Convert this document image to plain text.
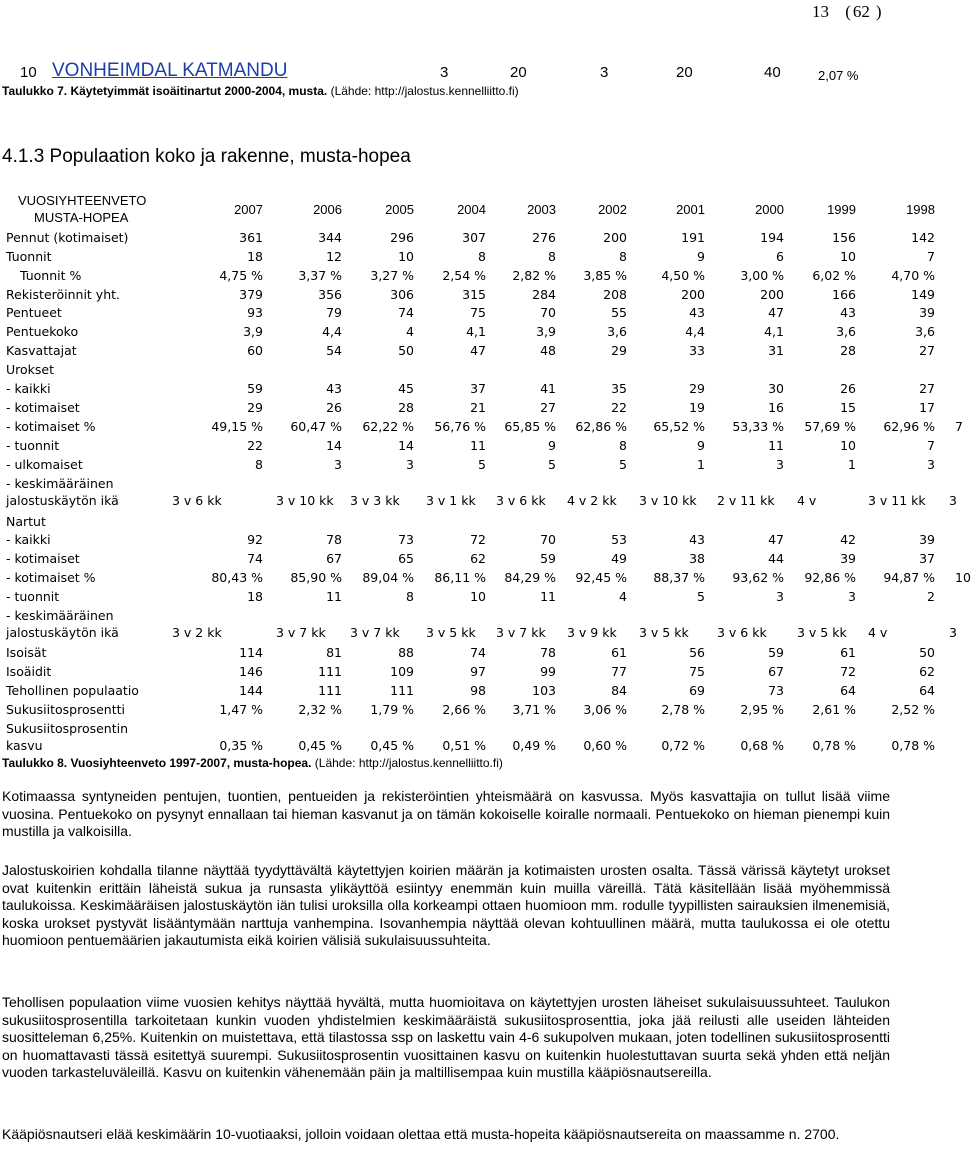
13 ( 62 )
10 VONHEIMDAL KATMANDU	3	20	3	20	40	2,07 %
Taulukko 7. Käytetyimmät isoäitinartut 2000-2004, musta. (Lähde: http://jalostus.kennelliitto.fi)
4.1.3 Populaation koko ja rakenne, musta-hopea
VUOSIYHTEENVETO
MUSTA-HOPEA
2007	2006	2005	2004	2003	2002	2001	2000	1999	1998
Pennut (kotimaiset)	361	344	296	307	276	200	191	194	156	142
Tuonnit	18	12	10	8	8	8	9	6	10	7
Tuonnit %	4,75 %	3,37 % 3,27 % 2,54 % 2,82 % 3,85 %	4,50 %	3,00 % 6,02 %	4,70 %
Rekisteröinnit yht.	379	356	306	315	284	208	200	200	166	149
Pentueet	93	79	74	75	70	55	43	47	43	39
Pentuekoko	3,9	4,4	4	4,1	3,9	3,6	4,4	4,1	3,6	3,6
Kasvattajat	60	54	50	47	48	29	33	31	28	27
Urokset
- kaikki	59	43	45	37	41	35	29	30	26	27
- kotimaiset	29	26	28	21	27	22	19	16	15	17
- kotimaiset %	49,15 % 60,47 % 62,22 % 56,76 % 65,85 % 62,86 % 65,52 % 53,33 % 57,69 % 62,96 % 7
- tuonnit	22	14	14	11	9	8	9	11	10	7
- ulkomaiset	8	3	3	5	5	5	1	3	1	3
- keskimääräinen
jalostuskäytön ikä	3 v 6 kk	3 v 10 kk 3 v 3 kk 3 v 1 kk 3 v 6 kk 4 v 2 kk 3 v 10 kk 2 v 11 kk 4 v	3 v 11 kk 3
Nartut
- kaikki	92	78	73	72	70	53	43	47	42	39
- kotimaiset	74	67	65	62	59	49	38	44	39	37
- kotimaiset %	80,43 % 85,90 % 89,04 % 86,11 % 84,29 % 92,45 % 88,37 % 93,62 % 92,86 % 94,87 % 10
- tuonnit	18	11	8	10	11	4	5	3	3	2
- keskimääräinen
jalostuskäytön ikä	3 v 2 kk	3 v 7 kk 3 v 7 kk 3 v 5 kk 3 v 7 kk 3 v 9 kk 3 v 5 kk 3 v 6 kk 3 v 5 kk 4 v	3
Isoisät	114	81	88	74	78	61	56	59	61	50
Isoäidit	146	111	109	97	99	77	75	67	72	62
Tehollinen populaatio	144	111	111	98	103	84	69	73	64	64
Sukusiitosprosentti	1,47 %	2,32 % 1,79 % 2,66 % 3,71 % 3,06 %	2,78 %	2,95 % 2,61 %	2,52 %
Sukusiitosprosentin
kasvu	0,35 %	0,45 % 0,45 % 0,51 % 0,49 % 0,60 %	0,72 %	0,68 % 0,78 %	0,78 %
Taulukko 8. Vuosiyhteenveto 1997-2007, musta-hopea. (Lähde: http://jalostus.kennelliitto.fi)
Kotimaassa syntyneiden pentujen, tuontien, pentueiden ja rekisteröintien yhteismäärä on kasvussa. Myös kasvattajia on tullut lisää viime vuosina. Pentuekoko on pysynyt ennallaan tai hieman kasvanut ja on tämän kokoiselle koiralle normaali. Pentuekoko on hieman pienempi kuin mustilla ja valkoisilla.
Jalostuskoirien kohdalla tilanne näyttää tyydyttävältä käytettyjen koirien määrän ja kotimaisten urosten osalta. Tässä värissä käytetyt urokset ovat kuitenkin erittäin läheistä sukua ja runsasta ylikäyttöä esiintyy enemmän kuin muilla väreillä. Tätä käsitellään lisää myöhemmissä taulukoissa. Keskimääräisen jalostuskäytön iän tulisi uroksilla olla korkeampi ottaen huomioon mm. rodulle tyypillisten sairauksien ilmenemisiä, koska urokset pystyvät lisääntymään narttuja vanhempina. Isovanhempia näyttää olevan kohtuullinen määrä, mutta taulukossa ei ole otettu huomioon pentuemäärien jakautumista eikä koirien välisiä sukulaisuussuhteita.
Tehollisen populaation viime vuosien kehitys näyttää hyvältä, mutta huomioitava on käytettyjen urosten läheiset sukulaisuussuhteet. Taulukon sukusiitosprosentilla tarkoitetaan kunkin vuoden yhdistelmien keskimääräistä sukusiitosprosenttia, joka jää reilusti alle useiden lähteiden suositteleman 6,25%. Kuitenkin on muistettava, että tilastossa ssp on laskettu vain 4-6 sukupolven mukaan, joten todellinen sukusiitosprosentti on huomattavasti tässä esitettyä suurempi. Sukusiitosprosentin vuosittainen kasvu on kuitenkin huolestuttavan suurta sekä yhden että neljän vuoden tarkasteluväleillä. Kasvu on kuitenkin vähenemään päin ja maltillisempaa kuin mustilla kääpiösnautsereilla.
Kääpiösnautseri elää keskimäärin 10-vuotiaaksi, jolloin voidaan olettaa että musta-hopeita kääpiösnautsereita on maassamme n. 2700.
